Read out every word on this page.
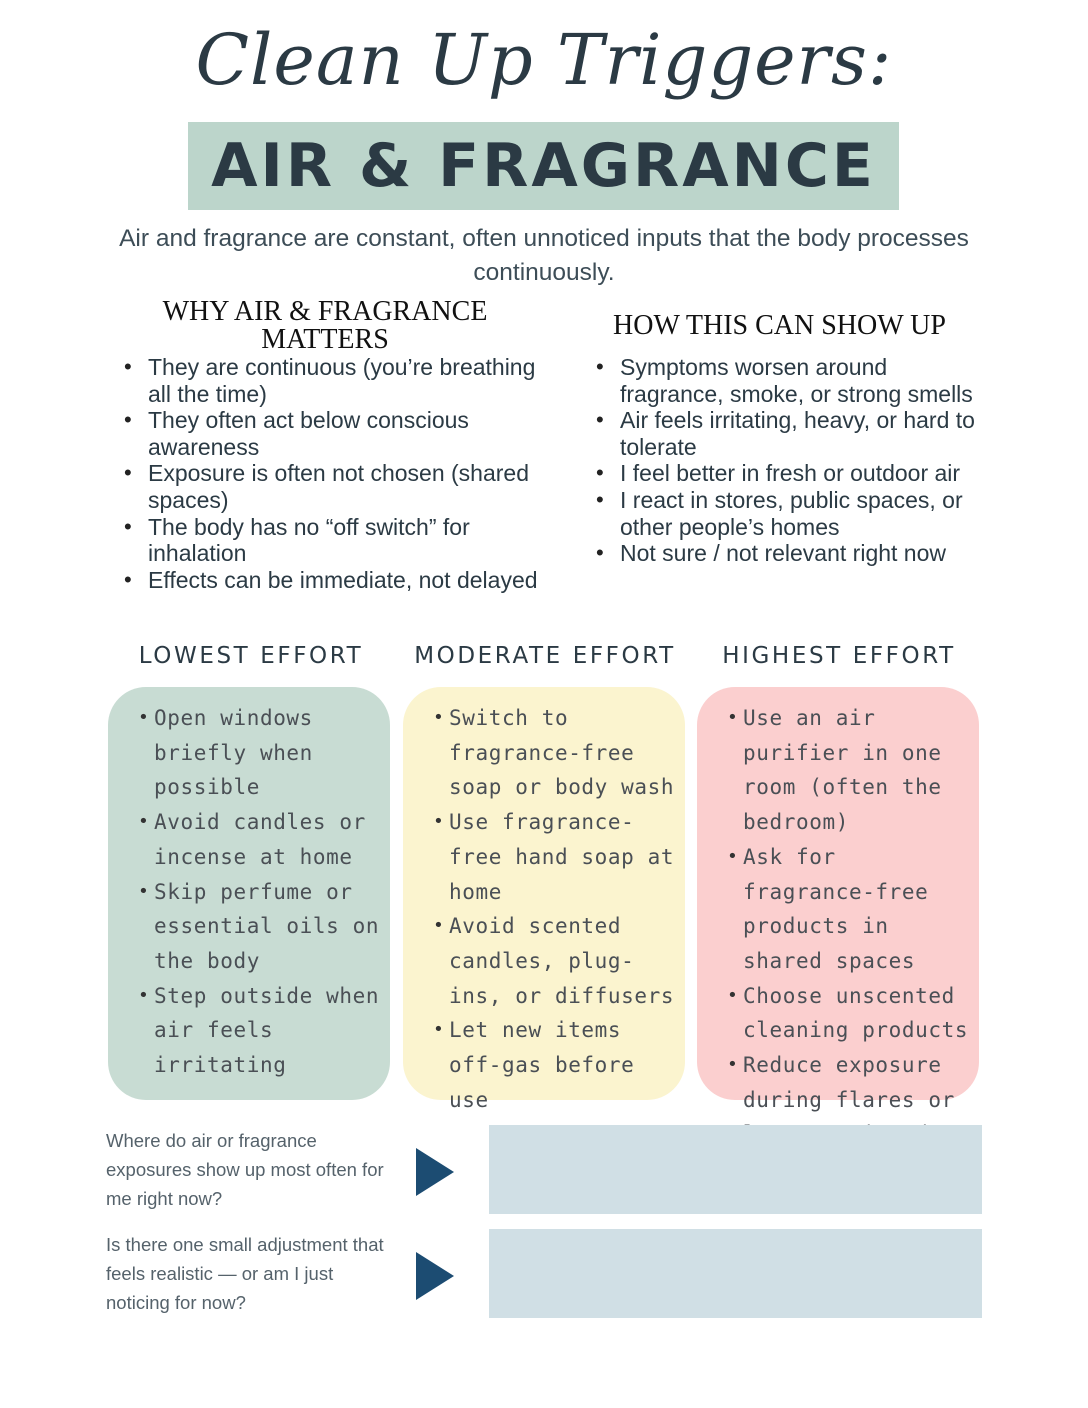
Clean Up Triggers:
AIR & FRAGRANCE
Air and fragrance are constant, often unnoticed inputs that the body processes continuously.
WHY AIR & FRAGRANCE MATTERS
• They are continuous (you’re breathing all the time)
• They often act below conscious awareness
• Exposure is often not chosen (shared spaces)
• The body has no “off switch” for inhalation
• Effects can be immediate, not delayed
HOW THIS CAN SHOW UP
• Symptoms worsen around fragrance, smoke, or strong smells
• Air feels irritating, heavy, or hard to tolerate
• I feel better in fresh or outdoor air
• I react in stores, public spaces, or other people’s homes
• Not sure / not relevant right now
LOWEST EFFORT	MODERATE EFFORT	HIGHEST EFFORT
• Open windows briefly when possible
• Avoid candles or incense at home
• Skip perfume or essential oils on the body
• Step outside when air feels irritating
• Switch to fragrance-free soap or body wash
• Use fragrance-free hand soap at home
• Avoid scented candles, plug-ins, or diffusers
• Let new items off-gas before use
• Use an air purifier in one room (often the bedroom)
• Ask for fragrance-free products in shared spaces
• Choose unscented cleaning products
• Reduce exposure during flares or
Where do air or fragrance exposures show up most often for me right now?
Is there one small adjustment that feels realistic — or am I just noticing for now?
